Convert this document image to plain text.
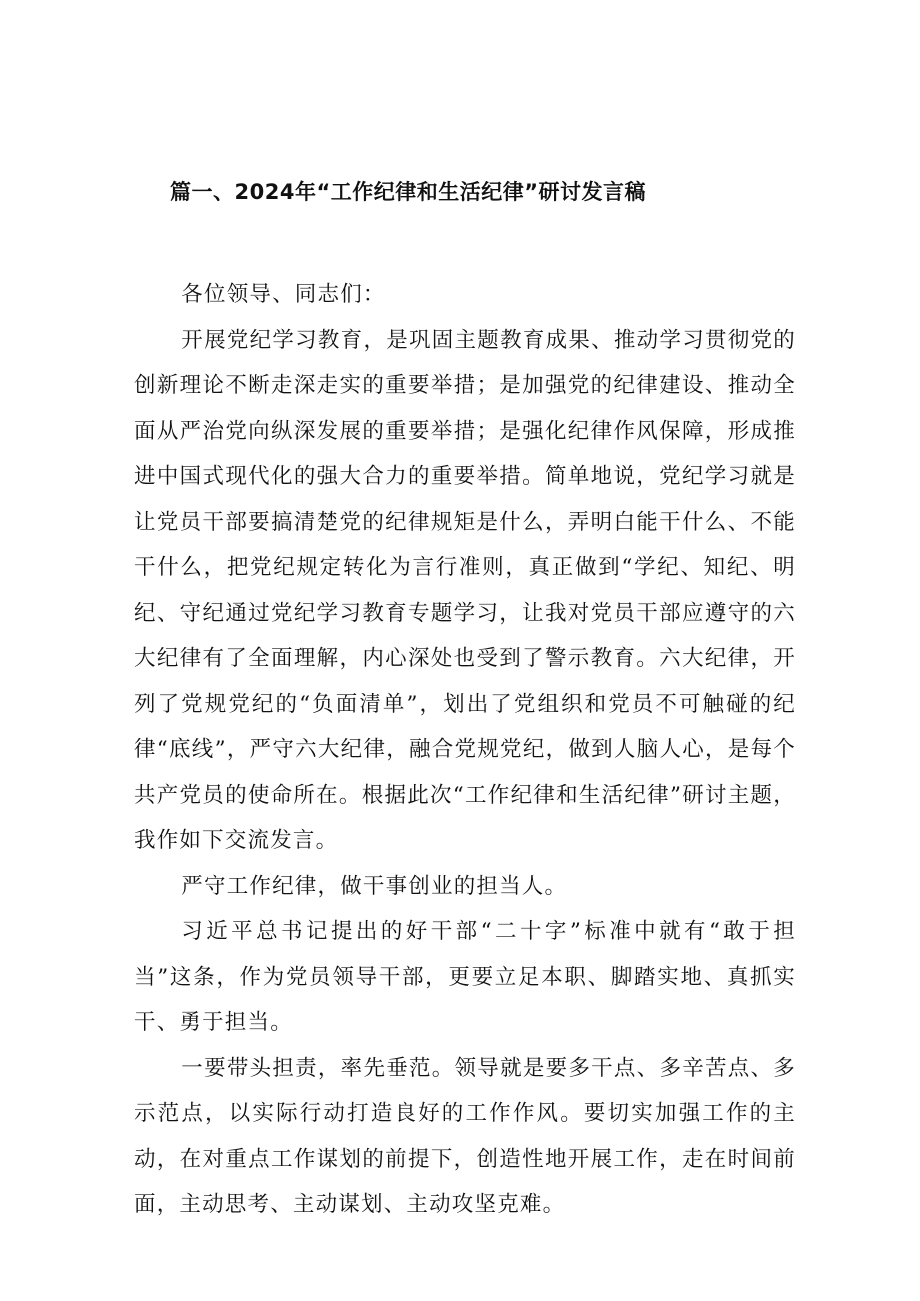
篇一、2024年“工作纪律和生活纪律”研讨发言稿

各位领导、同志们：

开展党纪学习教育，是巩固主题教育成果、推动学习贯彻党的创新理论不断走深走实的重要举措；是加强党的纪律建设、推动全面从严治党向纵深发展的重要举措；是强化纪律作风保障，形成推进中国式现代化的强大合力的重要举措。简单地说，党纪学习就是让党员干部要搞清楚党的纪律规矩是什么，弄明白能干什么、不能干什么，把党纪规定转化为言行准则，真正做到“学纪、知纪、明纪、守纪通过党纪学习教育专题学习，让我对党员干部应遵守的六大纪律有了全面理解，内心深处也受到了警示教育。六大纪律，开列了党规党纪的“负面清单”，划出了党组织和党员不可触碰的纪律“底线”，严守六大纪律，融合党规党纪，做到人脑人心，是每个共产党员的使命所在。根据此次“工作纪律和生活纪律”研讨主题，我作如下交流发言。

严守工作纪律，做干事创业的担当人。

习近平总书记提出的好干部“二十字”标准中就有“敢于担当”这条，作为党员领导干部，更要立足本职、脚踏实地、真抓实干、勇于担当。

一要带头担责，率先垂范。领导就是要多干点、多辛苦点、多示范点，以实际行动打造良好的工作作风。要切实加强工作的主动，在对重点工作谋划的前提下，创造性地开展工作，走在时间前面，主动思考、主动谋划、主动攻坚克难。
